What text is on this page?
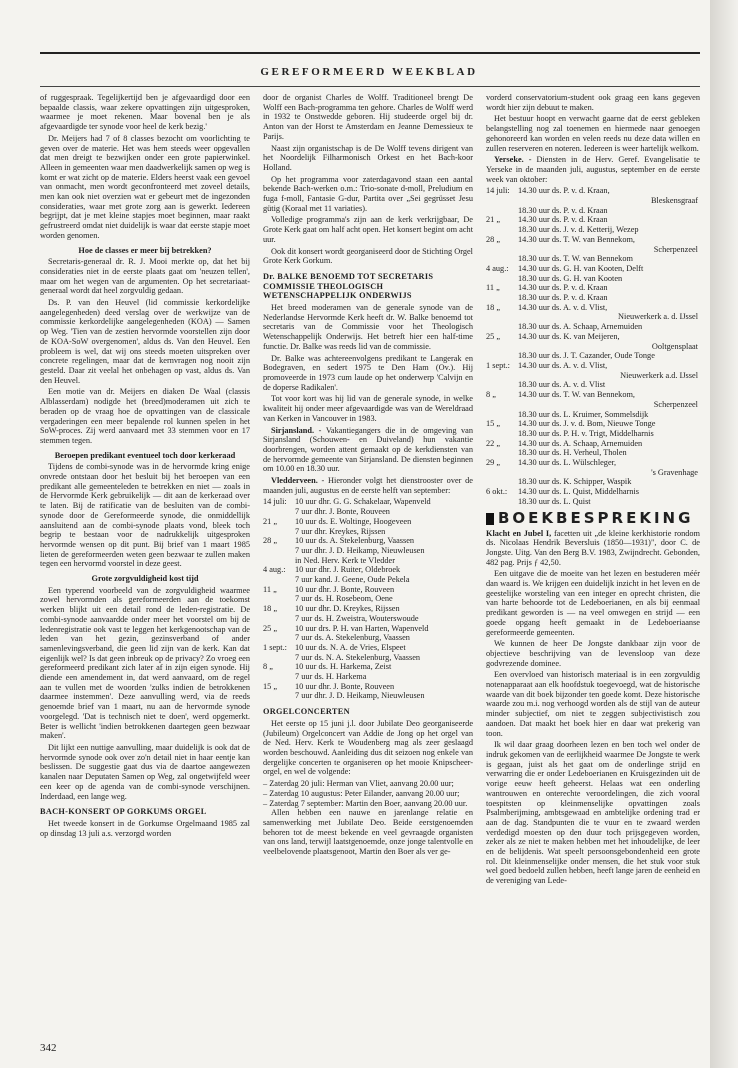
GEREFORMEERD WEEKBLAD

of ruggespraak. Tegelijkertijd ben je afgevaardigd door een bepaalde classis, waar zekere opvattingen zijn uitgesproken, waarmee je moet rekenen. Maar bovenal ben je als afgevaardigde ter synode voor heel de kerk bezig.'

Dr. Meijers had 7 of 8 classes bezocht om voorlichting te geven over de materie. Het was hem steeds weer opgevallen dat men dreigt te bezwijken onder een grote papierwinkel. Alleen in gemeenten waar men daadwerkelijk samen op weg is komt er wat zicht op de materie. Elders heerst vaak een gevoel van onmacht, men wordt geconfronteerd met zoveel details, men kan ook niet overzien wat er gebeurt met de ingezonden consideraties, waar met grote zorg aan is gewerkt. Iedereen begrijpt, dat je met kleine stapjes moet beginnen, maar raakt gefrustreerd omdat niet duidelijk is waar dat eerste stapje moet worden genomen.

Hoe de classes er meer bij betrekken?

Secretaris-generaal dr. R. J. Mooi merkte op, dat het bij consideraties niet in de eerste plaats gaat om 'neuzen tellen', maar om het wegen van de argumenten. Op het secretariaat-generaal wordt dat heel zorgvuldig gedaan.

Ds. P. van den Heuvel (lid commissie kerkordelijke aangelegenheden) deed verslag over de werkwijze van de commissie kerkordelijke aangelegenheden (KOA) — Samen op Weg. 'Tien van de zestien hervormde voorstellen zijn door de KOA-SoW overgenomen', aldus ds. Van den Heuvel. Een probleem is wel, dat wij ons steeds moeten uitspreken over concrete regelingen, maar dat de kernvragen nog nooit zijn gesteld. Daar zit veelal het onbehagen op vast, aldus ds. Van den Heuvel.

Een motie van dr. Meijers en diaken De Waal (classis Alblasserdam) nodigde het (breed)moderamen uit zich te beraden op de vraag hoe de opvattingen van de classicale vergaderingen een meer bepalende rol kunnen spelen in het SoW-proces. Zij werd aanvaard met 33 stemmen voor en 17 stemmen tegen.

Beroepen predikant eventueel toch door kerkeraad

Tijdens de combi-synode was in de hervormde kring enige onvrede ontstaan door het besluit bij het beroepen van een predikant alle gemeenteleden te betrekken en niet — zoals in de Hervormde Kerk gebruikelijk — dit aan de kerkeraad over te laten. Bij de ratificatie van de besluiten van de combi-synode door de Gereformeerde synode, die onmiddellijk aansluitend aan de combi-synode plaats vond, bleek toch begrip te bestaan voor de nadrukkelijk uitgesproken hervormde wensen op dit punt. Bij brief van 1 maart 1985 lieten de gereformeerden weten geen bezwaar te zullen maken tegen een hervormd voorstel in deze geest.

Grote zorgvuldigheid kost tijd

Een typerend voorbeeld van de zorgvuldigheid waarmee zowel hervormden als gereformeerden aan de toekomst werken blijkt uit een detail rond de leden-registratie. De combi-synode aanvaardde onder meer het voorstel om bij de ledenregistratie ook vast te leggen het kerkgenootschap van de leden van het gezin, gezinsverband of ander samenlevingsverband, die geen lid zijn van de kerk. Kan dat eigenlijk wel? Is dat geen inbreuk op de privacy? Zo vroeg een gereformeerd predikant zich later af in zijn eigen synode. Hij diende een amendement in, dat werd aanvaard, om de regel aan te vullen met de woorden 'zulks indien de betrokkenen daarmee instemmen'. Deze aanvulling werd, via de reeds genoemde brief van 1 maart, nu aan de hervormde synode voorgelegd. 'Dat is technisch niet te doen', werd opgemerkt. Beter is wellicht 'indien betrokkenen daartegen geen bezwaar maken'.

Dit lijkt een nuttige aanvulling, maar duidelijk is ook dat de hervormde synode ook over zo'n detail niet in haar eentje kan beslissen. De suggestie gaat dus via de daartoe aangewezen kanalen naar Deputaten Samen op Weg, zal ongetwijfeld weer een keer op de agenda van de combi-synode verschijnen. Inderdaad, een lange weg.

BACH-KONSERT OP GORKUMS ORGEL

Het tweede konsert in de Gorkumse Orgelmaand 1985 zal op dinsdag 13 juli a.s. verzorgd worden

door de organist Charles de Wolff. Traditioneel brengt De Wolff een Bach-programma ten gehore. Charles de Wolff werd in 1932 te Onstwedde geboren. Hij studeerde orgel bij dr. Anton van der Horst te Amsterdam en Jeanne Demessieux te Parijs.

Naast zijn organistschap is de De Wolff tevens dirigent van het Noordelijk Filharmonisch Orkest en het Bach-koor Holland.

Op het programma voor zaterdagavond staan een aantal bekende Bach-werken o.m.: Trio-sonate d-moll, Preludium en fuga f-moll, Fantasie G-dur, Partita over „Sei gegrüsset Jesu gütig (Koraal met 11 variaties).

Volledige programma's zijn aan de kerk verkrijgbaar, De Grote Kerk gaat om half acht open. Het konsert begint om acht uur.

Ook dit konsert wordt georganiseerd door de Stichting Orgel Grote Kerk Gorkum.

Dr. BALKE BENOEMD TOT SECRETARIS COMMISSIE THEOLOGISCH WETENSCHAPPELIJK ONDERWIJS

Het breed moderamen van de generale synode van de Nederlandse Hervormde Kerk heeft dr. W. Balke benoemd tot secretaris van de Commissie voor het Theologisch Wetenschappelijk Onderwijs. Het betreft hier een half-time functie. Dr. Balke was reeds lid van de commissie.

Dr. Balke was achtereenvolgens predikant te Langerak en Bodegraven, en sedert 1975 te Den Ham (Ov.). Hij promoveerde in 1973 cum laude op het onderwerp 'Calvijn en de doperse Radikalen'.

Tot voor kort was hij lid van de generale synode, in welke kwaliteit hij onder meer afgevaardigde was van de Wereldraad van Kerken in Vancouver in 1983.

Sirjansland. - Vakantiegangers die in de omgeving van Sirjansland (Schouwen- en Duiveland) hun vakantie doorbrengen, worden attent gemaakt op de kerkdiensten van de hervormde gemeente van Sirjansland. De diensten beginnen om 10.00 en 18.30 uur.

Vledderveen. - Hieronder volgt het dienstrooster over de maanden juli, augustus en de eerste helft van september:

14 juli: 10 uur dhr. G. G. Schakelaar, Wapenveld
7 uur dhr. J. Bonte, Rouveen
21 „	10 uur ds. E. Woltinge, Hoogeveen
7 uur dhr. Kreykes, Rijssen
28 „	10 uur ds. A. Stekelenburg, Vaassen
7 uur dhr. J. D. Heikamp, Nieuwleusen
in Ned. Herv. Kerk te Vledder
4 aug.:	10 uur dhr. J. Ruiter, Oldebroek
7 uur kand. J. Geene, Oude Pekela
11 „	10 uur dhr. J. Bonte, Rouveen
7 uur ds. H. Rosebeom, Oene
18 „	10 uur dhr. D. Kreykes, Rijssen
7 uur ds. H. Zweistra, Wouterswoude
25 „	10 uur drs. P. H. van Harten, Wapenveld
7 uur ds. A. Stekelenburg, Vaassen
1 sept.: 10 uur ds. N. A. de Vries, Elspeet
7 uur ds. N. A. Stekelenburg, Vaassen
8 „	10 uur ds. H. Harkema, Zeist
7 uur ds. H. Harkema
15 „	10 uur dhr. J. Bonte, Rouveen
7 uur dhr. J. D. Heikamp, Nieuwleusen
ORGELCONCERTEN

Het eerste op 15 juni j.l. door Jubilate Deo georganiseerde (Jubileum) Orgelconcert van Addie de Jong op het orgel van de Ned. Herv. Kerk te Woudenberg mag als zeer geslaagd worden beschouwd. Aanleiding dus dit seizoen nog enkele van dergelijke concerten te organiseren op het mooie Knipscheer-orgel, en wel de volgende:

– Zaterdag 20 juli: Herman van Vliet, aanvang 20.00 uur;
– Zaterdag 10 augustus: Peter Eilander, aanvang 20.00 uur;
– Zaterdag 7 september: Martin den Boer, aanvang 20.00 uur.

Allen hebben een nauwe en jarenlange relatie en samenwerking met Jubilate Deo. Beide eerstgenoemden behoren tot de meest bekende en veel gevraagde organisten van ons land, terwijl laatstgenoemde, onze jonge talentvolle en veelbelovende plaatsgenoot, Martin den Boer als ver ge-

vorderd conservatorium-student ook graag een kans gegeven wordt hier zijn debuut te maken.

Het bestuur hoopt en verwacht gaarne dat de eerst gebleken belangstelling nog zal toenemen en hiermede naar genoegen gehonoreerd kan worden en velen reeds nu deze data willen en zullen reserveren en noteren. Iedereen is weer hartelijk welkom.

Yerseke. - Diensten in de Herv. Geref. Evangelisatie te Yerseke in de maanden juli, augustus, september en de eerste week van oktober:

14 juli: 14.30 uur ds. P. v. d. Kraan,
Bleskensgraaf
18.30 uur ds. P. v. d. Kraan
21 „	14.30 uur ds. P. v. d. Kraan
18.30 uur ds. J. v. d. Ketterij, Wezep
28 „	14.30 uur ds. T. W. van Bennekom,
Scherpenzeel
18.30 uur ds. T. W. van Bennekom
4 aug.:	14.30 uur ds. G. H. van Kooten, Delft
18.30 uur ds. G. H. van Kooten
11 „	14.30 uur ds. P. v. d. Kraan
18.30 uur ds. P. v. d. Kraan
18 „	14.30 uur ds. A. v. d. Vlist,
Nieuwerkerk a. d. IJssel
18.30 uur ds. A. Schaap, Arnemuiden
25 „	14.30 uur ds. K. van Meijeren,
Ooltgensplaat
18.30 uur ds. J. T. Cazander, Oude Tonge
1 sept.: 14.30 uur ds. A. v. d. Vlist,
Nieuwerkerk a.d. IJssel
18.30 uur ds. A. v. d. Vlist
8 „	14.30 uur ds. T. W. van Bennekom,
Scherpenzeel
18.30 uur ds. L. Kruimer, Sommelsdijk
15 „	14.30 uur ds. J. v. d. Bom, Nieuwe Tonge
18.30 uur ds. P. H. v. Trigt, Middelharnis
22 „	14.30 uur ds. A. Schaap, Arnemuiden
18.30 uur ds. H. Verheul, Tholen
29 „	14.30 uur ds. L. Wülschleger,
's Gravenhage
18.30 uur ds. K. Schipper, Waspik
6 okt.:	14.30 uur ds. L. Quist, Middelharnis
18.30 uur ds. L. Quist
BOEKBESPREKING

Klacht en Jubel I, facetten uit „de kleine kerkhistorie rondom ds. Nicolaas Hendrik Beversluis (1850—1931)", door C. de Jongste. Uitg. Van den Berg B.V. 1983, Zwijndrecht. Gebonden, 482 pag. Prijs ƒ 42,50.

Een uitgave die de moeite van het lezen en bestuderen méér dan waard is. We krijgen een duidelijk inzicht in het leven en de geestelijke worsteling van een integer en oprecht christen, die van harte behoorde tot de Ledeboerianen, en als bij eenmaal predikant geworden is — na veel omwegen en strijd — een goede opgang heeft gemaakt in de Ledeboeriaanse gereformeerde gemeenten.

We kunnen de heer De Jongste dankbaar zijn voor de objectieve beschrijving van de levensloop van deze godvrezende dominee.

Een overvloed van historisch materiaal is in een zorgvuldig notenapparaat aan elk hoofdstuk toegevoegd, wat de historische waarde van dit boek bijzonder ten goede komt. Deze historische waarde zou m.i. nog verhoogd worden als de stijl van de auteur minder subjectief, om niet te zeggen subjectivistisch zou aandoen. Dat maakt het boek hier en daar wat prekerig van toon.

Ik wil daar graag doorheen lezen en ben toch wel onder de indruk gekomen van de eerlijkheid waarmee De Jongste te werk is gegaan, juist als het gaat om de onderlinge strijd en verwarring die er onder Ledeboerianen en Kruisgezinden uit de vorige eeuw heeft geheerst. Helaas wat een onderling wantrouwen en onterechte veroordelingen, die zich vooral toespitsten op kleinmenselijke opvattingen zoals Psalmberijming, ambtsgewaad en ambtelijke ordening trad er aan de dag. Standpunten die te vuur en te zwaard werden verdedigd moesten op den duur toch prijsgegeven worden, zeker als ze niet te maken hebben met het inhoudelijke, de leer en de belijdenis. Wat speelt persoonsgebondenheid een grote rol. Dit kleinmenselijke onder mensen, die het stuk voor stuk wel goed bedoeld zullen hebben, heeft lange jaren de eenheid en de vereniging van Lede-

342
